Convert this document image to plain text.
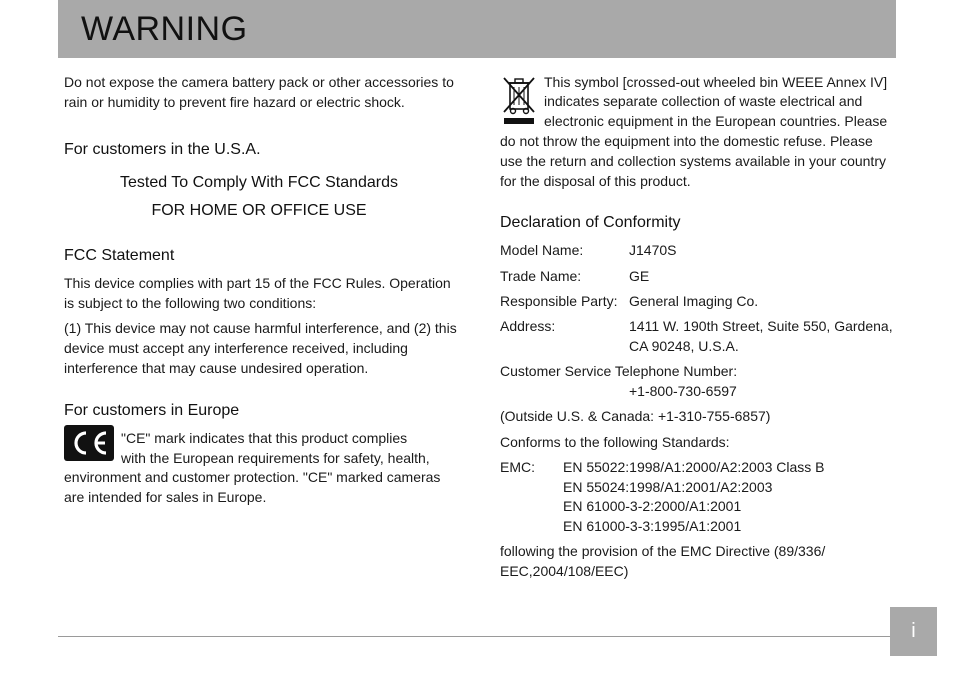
WARNING

Do not expose the camera battery pack or other accessories to rain or humidity to prevent fire hazard or electric shock.

For customers in the U.S.A.
Tested To Comply With FCC Standards
FOR HOME OR OFFICE USE
FCC Statement

This device complies with part 15 of the FCC Rules. Operation is subject to the following two conditions:

(1) This device may not cause harmful interference, and (2) this device must accept any interference received, including interference that may cause undesired operation.

For customers in Europe

"CE" mark indicates that this product complies

with the European requirements for safety, health,

environment and customer protection. "CE" marked cameras are intended for sales in Europe.

This symbol [crossed-out wheeled bin WEEE Annex IV]

indicates separate collection of waste electrical and

electronic equipment in the European countries. Please

do not throw the equipment into the domestic refuse. Please use the return and collection systems available in your country for the disposal of this product.

Declaration of Conformity
Model Name:	J1470S
Trade Name:	GE
Responsible Party: General Imaging Co.
Address:	1411 W. 190th Street, Suite 550, Gardena,
CA 90248, U.S.A.
Customer Service Telephone Number:
+1-800-730-6597
(Outside U.S. & Canada: +1-310-755-6857)
Conforms to the following Standards:
EMC: EN 55022:1998/A1:2000/A2:2003 Class B
EN 55024:1998/A1:2001/A2:2003
EN 61000-3-2:2000/A1:2001
EN 61000-3-3:1995/A1:2001

following the provision of the EMC Directive (89/336/ EEC,2004/108/EEC)

i
